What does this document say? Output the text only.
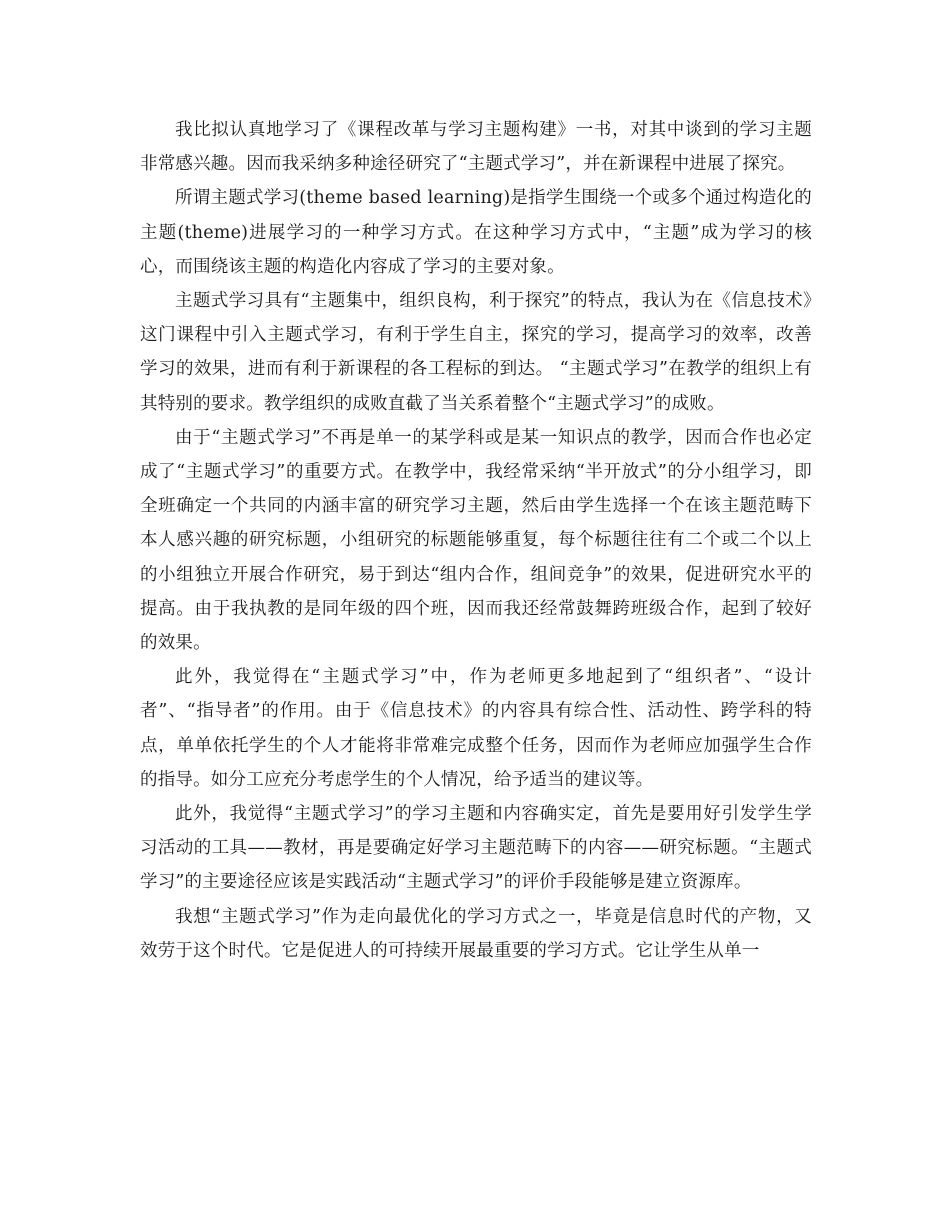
我比拟认真地学习了《课程改革与学习主题构建》一书，对其中谈到的学习主题非常感兴趣。因而我采纳多种途径研究了“主题式学习”，并在新课程中进展了探究。

所谓主题式学习(theme based learning)是指学生围绕一个或多个通过构造化的主题(theme)进展学习的一种学习方式。在这种学习方式中，“主题”成为学习的核心，而围绕该主题的构造化内容成了学习的主要对象。

主题式学习具有“主题集中，组织良构，利于探究”的特点，我认为在《信息技术》这门课程中引入主题式学习，有利于学生自主，探究的学习，提高学习的效率，改善学习的效果，进而有利于新课程的各工程标的到达。 “主题式学习”在教学的组织上有其特别的要求。教学组织的成败直截了当关系着整个“主题式学习”的成败。

由于“主题式学习”不再是单一的某学科或是某一知识点的教学，因而合作也必定成了“主题式学习”的重要方式。在教学中，我经常采纳“半开放式”的分小组学习，即全班确定一个共同的内涵丰富的研究学习主题，然后由学生选择一个在该主题范畴下本人感兴趣的研究标题，小组研究的标题能够重复，每个标题往往有二个或二个以上的小组独立开展合作研究，易于到达“组内合作，组间竞争”的效果，促进研究水平的提高。由于我执教的是同年级的四个班，因而我还经常鼓舞跨班级合作，起到了较好的效果。

此外，我觉得在“主题式学习”中，作为老师更多地起到了“组织者”、“设计者”、“指导者”的作用。由于《信息技术》的内容具有综合性、活动性、跨学科的特点，单单依托学生的个人才能将非常难完成整个任务，因而作为老师应加强学生合作的指导。如分工应充分考虑学生的个人情况，给予适当的建议等。

此外，我觉得“主题式学习”的学习主题和内容确实定，首先是要用好引发学生学习活动的工具——教材，再是要确定好学习主题范畴下的内容——研究标题。“主题式学习”的主要途径应该是实践活动“主题式学习”的评价手段能够是建立资源库。

我想“主题式学习”作为走向最优化的学习方式之一，毕竟是信息时代的产物，又效劳于这个时代。它是促进人的可持续开展最重要的学习方式。它让学生从单一
